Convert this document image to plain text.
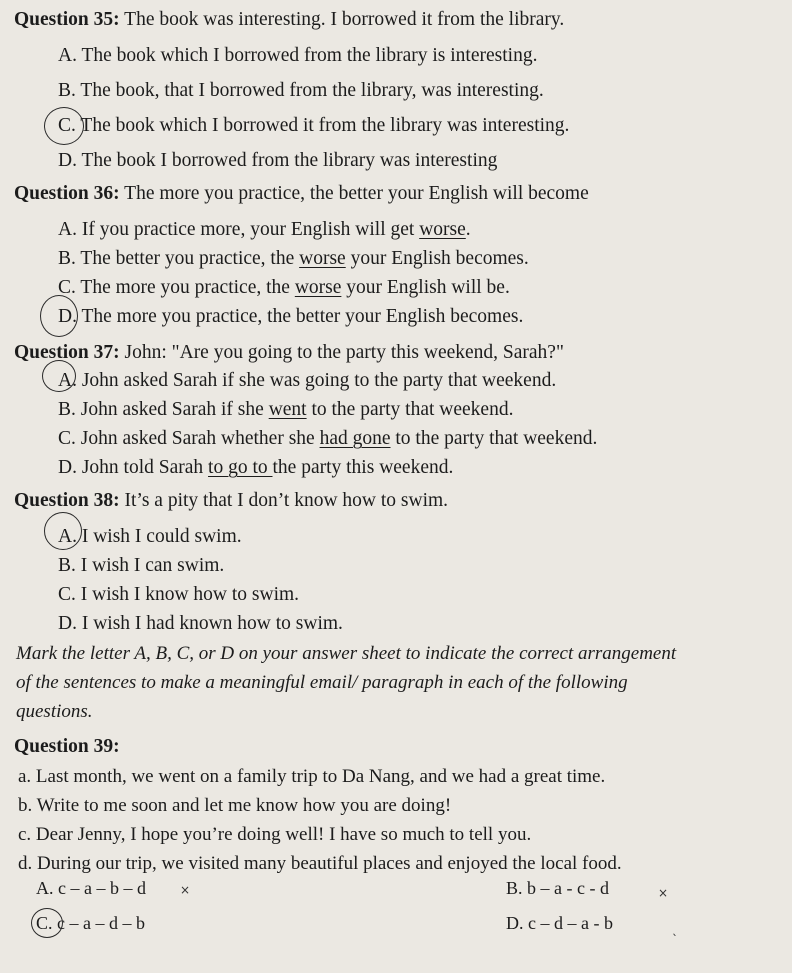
Question 35: The book was interesting. I borrowed it from the library.
A. The book which I borrowed from the library is interesting.
B. The book, that I borrowed from the library, was interesting.
C. The book which I borrowed it from the library was interesting.
D. The book I borrowed from the library was interesting
Question 36: The more you practice, the better your English will become
A. If you practice more, your English will get worse.
B. The better you practice, the worse your English becomes.
C. The more you practice, the worse your English will be.
D. The more you practice, the better your English becomes.
Question 37: John: "Are you going to the party this weekend, Sarah?"
A. John asked Sarah if she was going to the party that weekend.
B. John asked Sarah if she went to the party that weekend.
C. John asked Sarah whether she had gone to the party that weekend.
D. John told Sarah to go to the party this weekend.
Question 38: It’s a pity that I don’t know how to swim.
A. I wish I could swim.
B. I wish I can swim.
C. I wish I know how to swim.
D. I wish I had known how to swim.
Mark the letter A, B, C, or D on your answer sheet to indicate the correct arrangement
of the sentences to make a meaningful email/ paragraph in each of the following
questions.
Question 39:
a. Last month, we went on a family trip to Da Nang, and we had a great time.
b. Write to me soon and let me know how you are doing!
c. Dear Jenny, I hope you’re doing well! I have so much to tell you.
d. During our trip, we visited many beautiful places and enjoyed the local food.
A. c – a – b – d	×	B. b – a - c - d	×
C. c – a – d – b	D. c – d – a - b	ˎ
